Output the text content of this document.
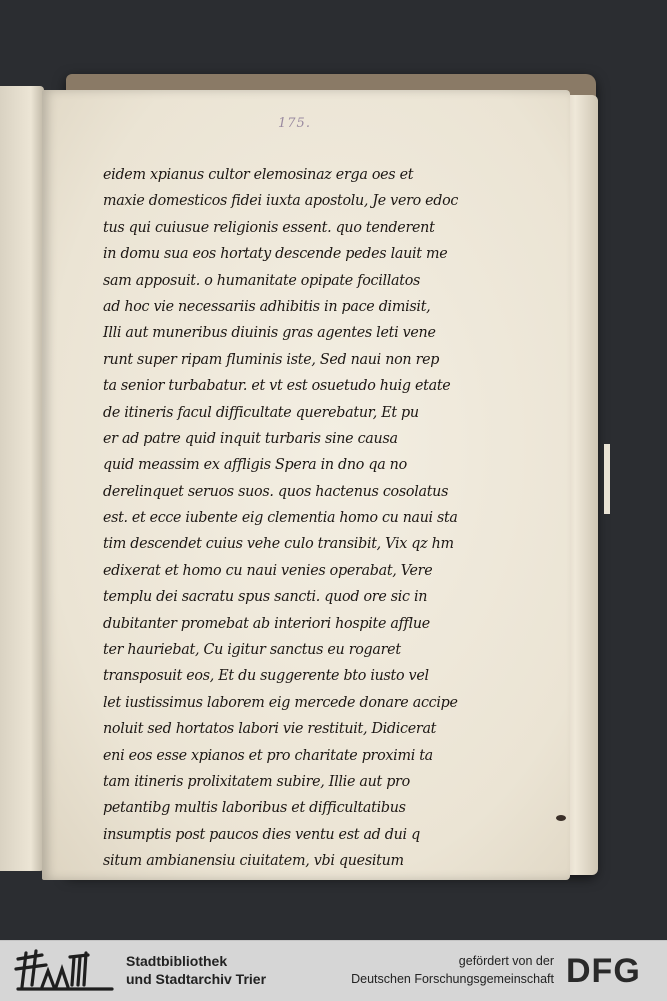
175.
eidem xpianus cultor elemosinaz erga oes et
maxie domesticos fidei iuxta apostolu, Je vero edoc
tus qui cuiusue religionis essent. quo tenderent
in domu sua eos hortaty descende pedes lauit me
sam apposuit. o humanitate opipate focillatos
ad hoc vie necessariis adhibitis in pace dimisit,
Illi aut muneribus diuinis gras agentes leti vene
runt super ripam fluminis iste, Sed naui non rep
ta senior turbabatur. et vt est osuetudo huig etate
de itineris facul difficultate querebatur, Et pu
er ad patre quid inquit turbaris sine causa
quid meassim ex affligis Spera in dno qa no
derelinquet seruos suos. quos hactenus cosolatus
est. et ecce iubente eig clementia homo cu naui sta
tim descendet cuius vehe culo transibit, Vix qz hm
edixerat et homo cu naui venies operabat, Vere
templu dei sacratu spus sancti. quod ore sic in
dubitanter promebat ab interiori hospite afflue
ter hauriebat, Cu igitur sanctus eu rogaret
transposuit eos, Et du suggerente bto iusto vel
let iustissimus laborem eig mercede donare accipe
noluit sed hortatos labori vie restituit, Didicerat
eni eos esse xpianos et pro charitate proximi ta
tam itineris prolixitatem subire, Illie aut pro
petantibg multis laboribus et difficultatibus
insumptis post paucos dies ventu est ad dui q
situm ambianensiu ciuitatem, vbi quesitum
Stadtbibliothek
und Stadtarchiv Trier
gefördert von der
Deutschen Forschungsgemeinschaft DFG
